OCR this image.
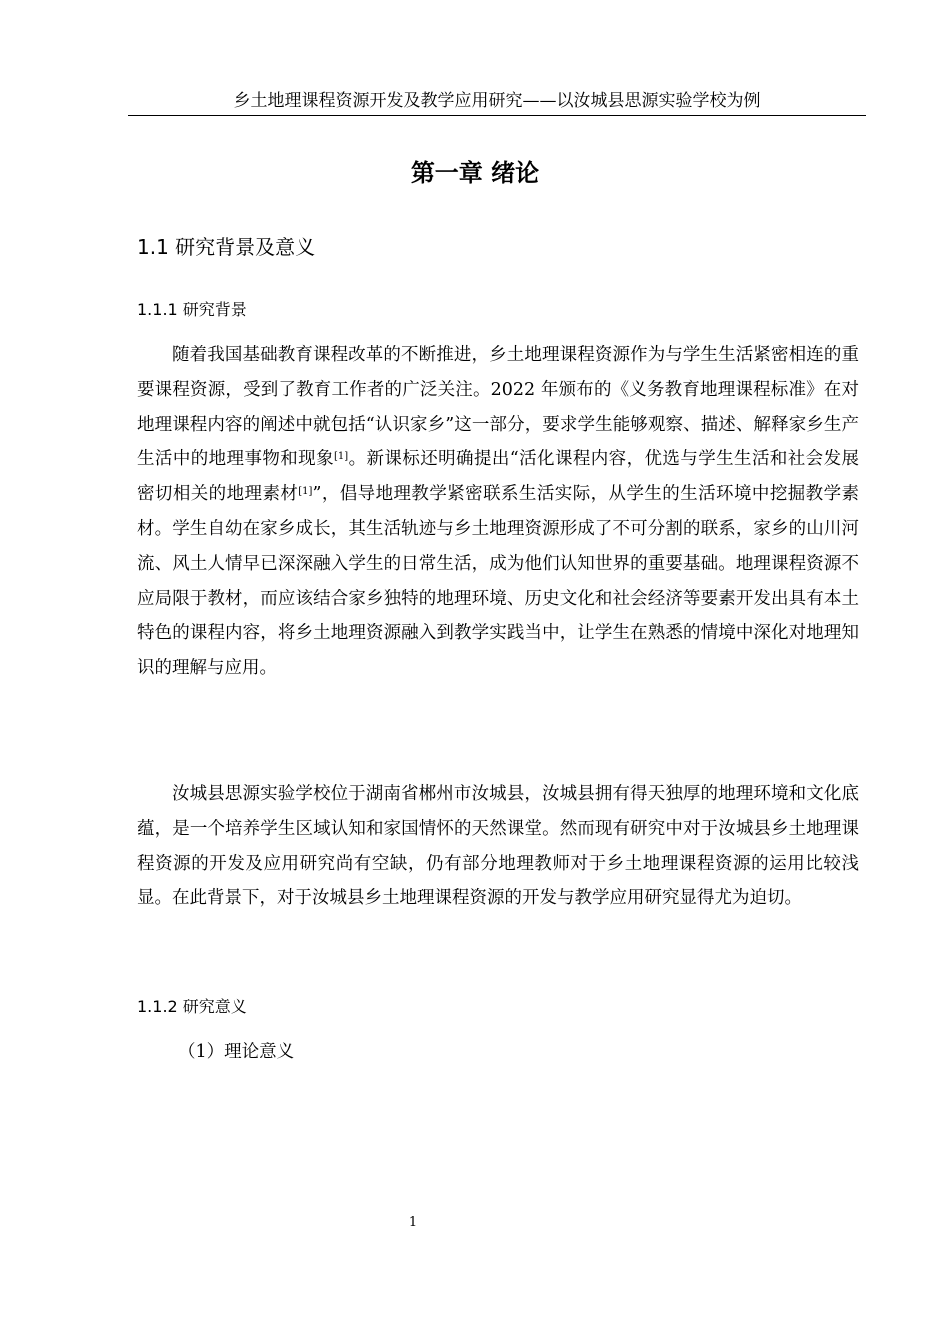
乡土地理课程资源开发及教学应用研究——以汝城县思源实验学校为例
第一章 绪论
1.1 研究背景及意义
1.1.1 研究背景

随着我国基础教育课程改革的不断推进，乡土地理课程资源作为与学生生活紧密相连的重要课程资源，受到了教育工作者的广泛关注。2022 年颁布的《义务教育地理课程标准》在对地理课程内容的阐述中就包括“认识家乡”这一部分，要求学生能够观察、描述、解释家乡生产生活中的地理事物和现象[1]。新课标还明确提出“活化课程内容，优选与学生生活和社会发展密切相关的地理素材[1]”，倡导地理教学紧密联系生活实际，从学生的生活环境中挖掘教学素材。学生自幼在家乡成长，其生活轨迹与乡土地理资源形成了不可分割的联系，家乡的山川河流、风土人情早已深深融入学生的日常生活，成为他们认知世界的重要基础。地理课程资源不应局限于教材，而应该结合家乡独特的地理环境、历史文化和社会经济等要素开发出具有本土特色的课程内容，将乡土地理资源融入到教学实践当中，让学生在熟悉的情境中深化对地理知识的理解与应用。

汝城县思源实验学校位于湖南省郴州市汝城县，汝城县拥有得天独厚的地理环境和文化底蕴，是一个培养学生区域认知和家国情怀的天然课堂。然而现有研究中对于汝城县乡土地理课程资源的开发及应用研究尚有空缺，仍有部分地理教师对于乡土地理课程资源的运用比较浅显。在此背景下，对于汝城县乡土地理课程资源的开发与教学应用研究显得尤为迫切。

1.1.2 研究意义
（1）理论意义
1
